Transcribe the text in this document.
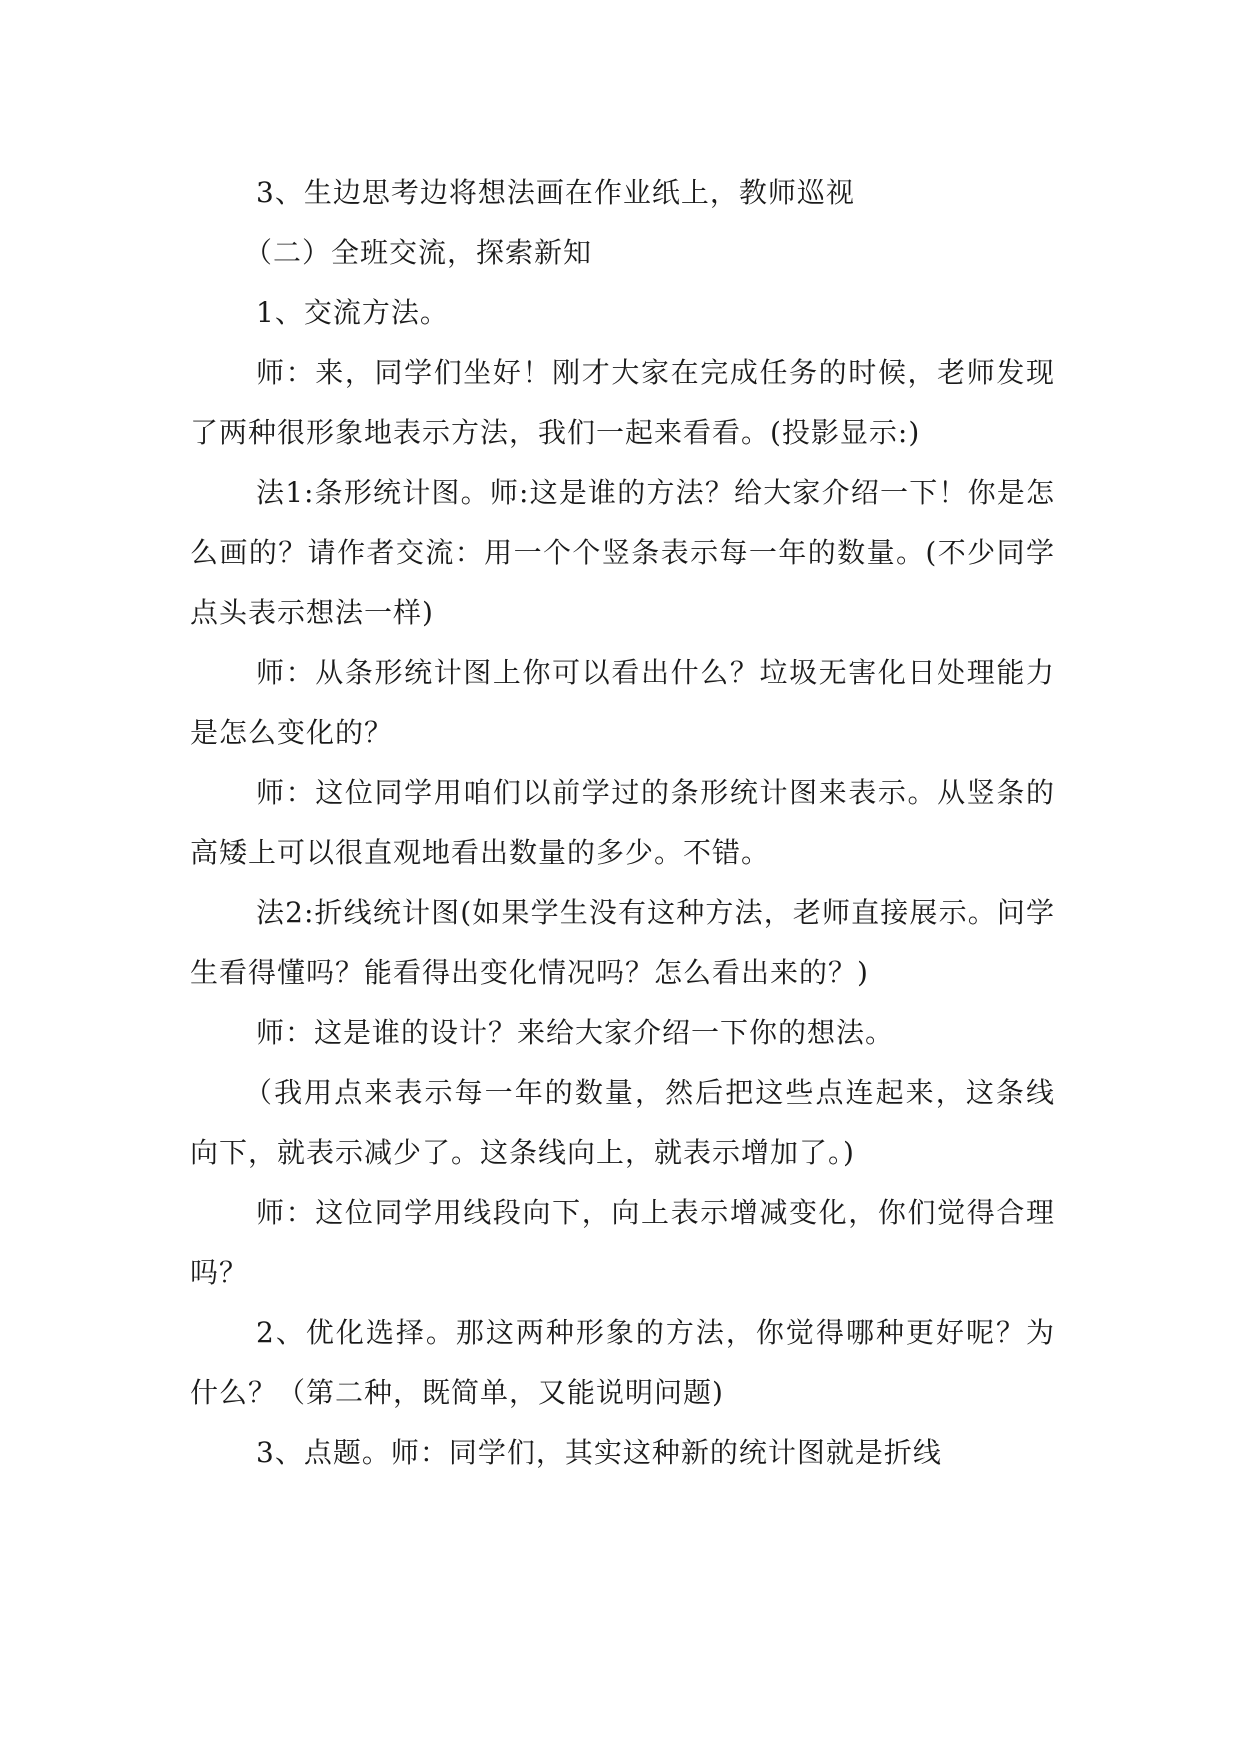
3、生边思考边将想法画在作业纸上，教师巡视

（二）全班交流，探索新知

1、交流方法。

师：来，同学们坐好！刚才大家在完成任务的时候，老师发现了两种很形象地表示方法，我们一起来看看。(投影显示:)

法1:条形统计图。师:这是谁的方法？给大家介绍一下！你是怎么画的？请作者交流：用一个个竖条表示每一年的数量。(不少同学点头表示想法一样)

师：从条形统计图上你可以看出什么？垃圾无害化日处理能力是怎么变化的？

师：这位同学用咱们以前学过的条形统计图来表示。从竖条的高矮上可以很直观地看出数量的多少。不错。

法2:折线统计图(如果学生没有这种方法，老师直接展示。问学生看得懂吗？能看得出变化情况吗？怎么看出来的？)

师：这是谁的设计？来给大家介绍一下你的想法。

（我用点来表示每一年的数量，然后把这些点连起来，这条线向下，就表示减少了。这条线向上，就表示增加了。)

师：这位同学用线段向下，向上表示增减变化，你们觉得合理吗？

2、优化选择。那这两种形象的方法，你觉得哪种更好呢？为什么？（第二种，既简单，又能说明问题)

3、点题。师：同学们，其实这种新的统计图就是折线
